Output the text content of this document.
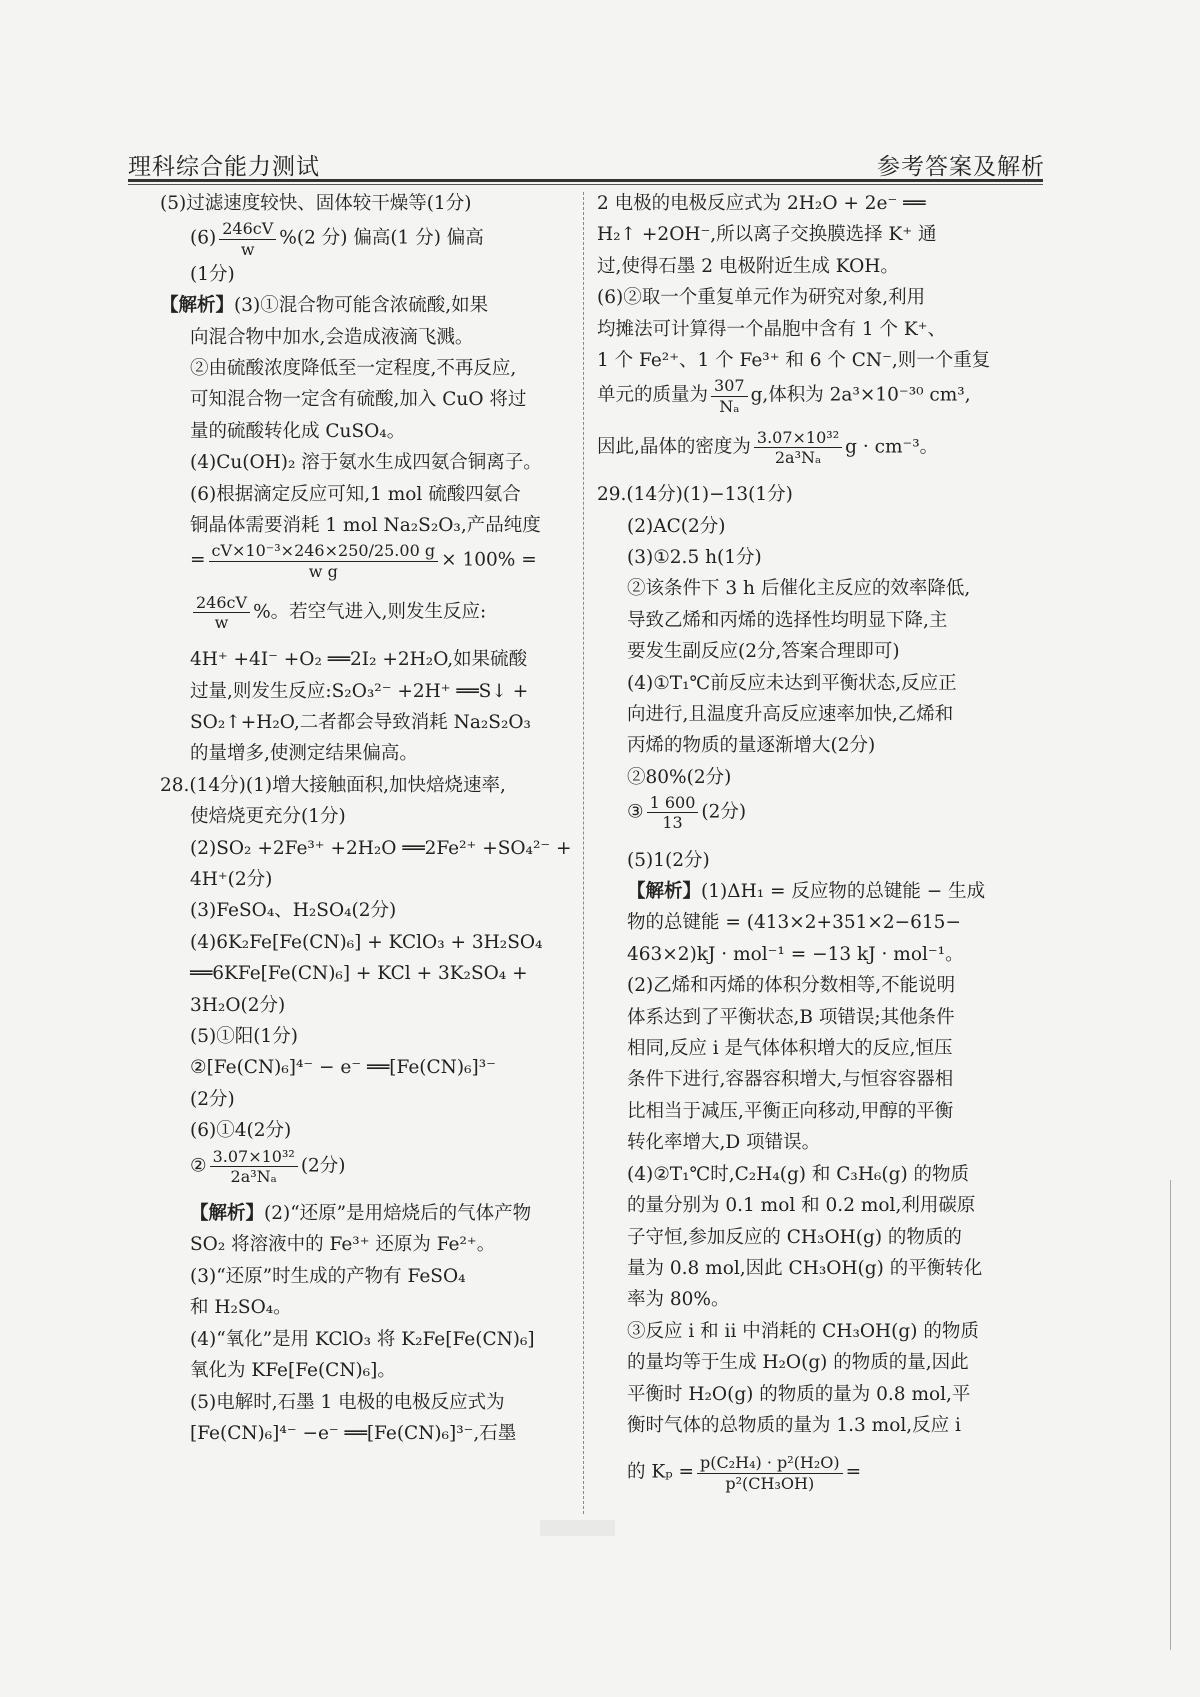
理科综合能力测试	参考答案及解析
(5)过滤速度较快、固体较干燥等(1分)
$(6) \frac{246cV}{w} \%(2$ 分) 偏高(1 分) 偏高
(1分)
【解析】(3)①混合物可能含浓硫酸,如果
向混合物中加水,会造成液滴飞溅。
②由硫酸浓度降低至一定程度,不再反应,
可知混合物一定含有硫酸,加入 CuO 将过
量的硫酸转化成 CuSO₄。
(4)Cu(OH)₂ 溶于氨水生成四氨合铜离子。
(6)根据滴定反应可知,1 mol 硫酸四氨合
铜晶体需要消耗 1 mol Na₂S₂O₃,产品纯度
= $\frac{\text{cV×10⁻³×246×250/25.00 g}}{\text{w g}} \times 100\%$ =
$\frac{246cV}{w}$ %。若空气进入,则发生反应:
4H⁺ +4I⁻ +O₂ ══2I₂ +2H₂O,如果硫酸
过量,则发生反应:S₂O₃²⁻ +2H⁺ ══S↓ +
SO₂↑+H₂O,二者都会导致消耗 Na₂S₂O₃
的量增多,使测定结果偏高。
28.(14分)(1)增大接触面积,加快焙烧速率,
使焙烧更充分(1分)
(2)SO₂ +2Fe³⁺ +2H₂O ══2Fe²⁺ +SO₄²⁻ +
4H⁺(2分)
(3)FeSO₄、H₂SO₄(2分)
(4)6K₂Fe[Fe(CN)₆] + KClO₃ + 3H₂SO₄
══6KFe[Fe(CN)₆] + KCl + 3K₂SO₄ +
3H₂O(2分)
(5)①阳(1分)
②[Fe(CN)₆]⁴⁻ − e⁻ ══[Fe(CN)₆]³⁻
(2分)
(6)①4(2分)
② $\frac{\text{3.07×10³²}}{\text{2a³Nₐ}} (2$分)
【解析】(2)“还原”是用焙烧后的气体产物
SO₂ 将溶液中的 Fe³⁺ 还原为 Fe²⁺。
(3)“还原”时生成的产物有 FeSO₄
和 H₂SO₄。
(4)“氧化”是用 KClO₃ 将 K₂Fe[Fe(CN)₆]
氧化为 KFe[Fe(CN)₆]。
(5)电解时,石墨 1 电极的电极反应式为
[Fe(CN)₆]⁴⁻ −e⁻ ══[Fe(CN)₆]³⁻,石墨
2 电极的电极反应式为 2H₂O + 2e⁻ ══
H₂↑ +2OH⁻,所以离子交换膜选择 K⁺ 通
过,使得石墨 2 电极附近生成 KOH。
(6)②取一个重复单元作为研究对象,利用
均摊法可计算得一个晶胞中含有 1 个 K⁺、
1 个 Fe²⁺、1 个 Fe³⁺ 和 6 个 CN⁻,则一个重复
单元的质量为 $\frac{307}{\text{Nₐ}} g$,体积为 2a³×10⁻³⁰ cm³,
因此,晶体的密度为 $\frac{\text{3.07×10³²}}{\text{2a³Nₐ}}$ g · cm⁻³。
29.(14分)(1)−13(1分)
(2)AC(2分)
(3)①2.5 h(1分)
②该条件下 3 h 后催化主反应的效率降低,
导致乙烯和丙烯的选择性均明显下降,主
要发生副反应(2分,答案合理即可)
(4)①T₁℃前反应未达到平衡状态,反应正
向进行,且温度升高反应速率加快,乙烯和
丙烯的物质的量逐渐增大(2分)
②80%(2分)
③ $\frac{1 600}{13} (2$分)
(5)1(2分)
【解析】(1)ΔH₁ = 反应物的总键能 − 生成
物的总键能 = (413×2+351×2−615−
463×2)kJ · mol⁻¹ = −13 kJ · mol⁻¹。
(2)乙烯和丙烯的体积分数相等,不能说明
体系达到了平衡状态,B 项错误;其他条件
相同,反应 i 是气体体积增大的反应,恒压
条件下进行,容器容积增大,与恒容容器相
比相当于减压,平衡正向移动,甲醇的平衡
转化率增大,D 项错误。
(4)②T₁℃时,C₂H₄(g) 和 C₃H₆(g) 的物质
的量分别为 0.1 mol 和 0.2 mol,利用碳原
子守恒,参加反应的 CH₃OH(g) 的物质的
量为 0.8 mol,因此 CH₃OH(g) 的平衡转化
率为 80%。
③反应 i 和 ii 中消耗的 CH₃OH(g) 的物质
的量均等于生成 H₂O(g) 的物质的量,因此
平衡时 H₂O(g) 的物质的量为 0.8 mol,平
衡时气体的总物质的量为 1.3 mol,反应 i
的 $K_p = \frac{\text{p(C₂H₄) · p²(H₂O)}}{\text{p²(CH₃OH)}}$ =
